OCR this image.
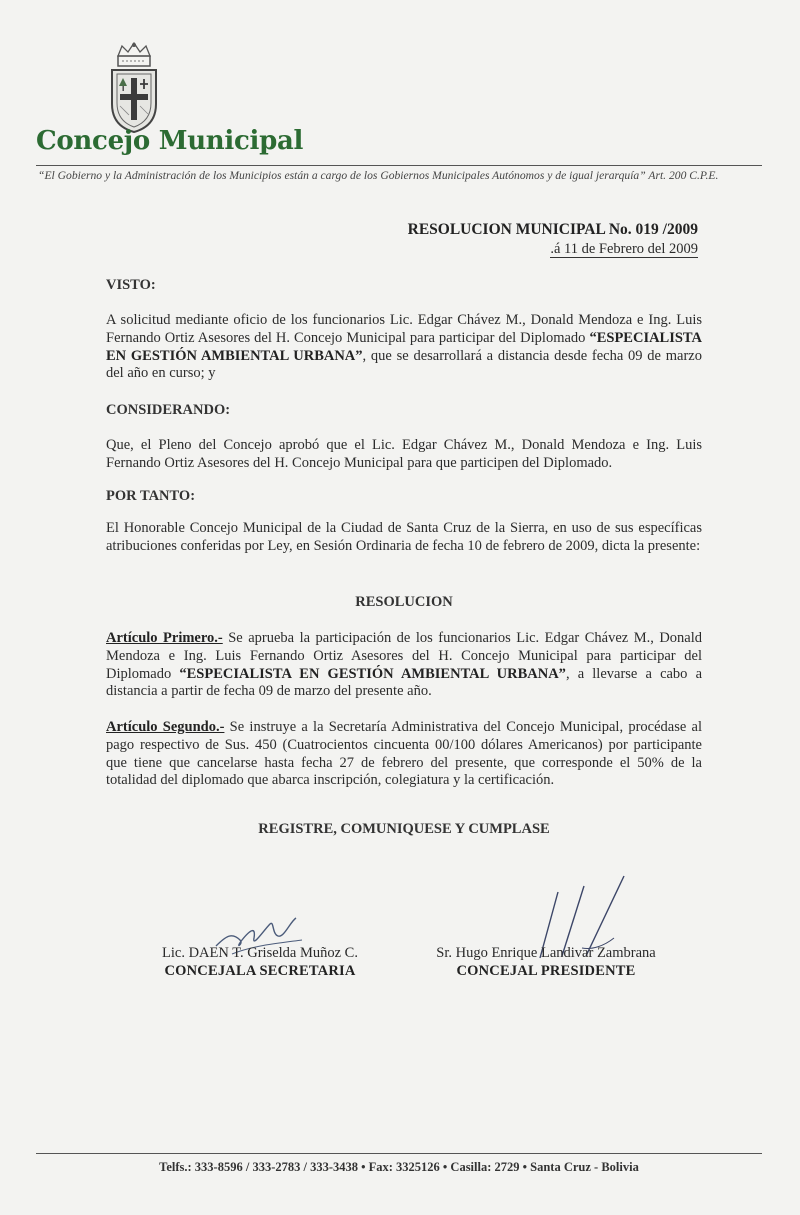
Concejo Municipal
“El Gobierno y la Administración de los Municipios están a cargo de los Gobiernos Municipales Autónomos y de igual jerarquía” Art. 200 C.P.E.
RESOLUCION MUNICIPAL No. 019 /2009
.á 11 de Febrero del 2009
VISTO:
A solicitud mediante oficio de los funcionarios Lic. Edgar Chávez M., Donald Mendoza e Ing. Luis Fernando Ortiz Asesores del H. Concejo Municipal para participar del Diplomado “ESPECIALISTA EN GESTIÓN AMBIENTAL URBANA”, que se desarrollará a distancia desde fecha 09 de marzo del año en curso; y
CONSIDERANDO:
Que, el Pleno del Concejo aprobó que el Lic. Edgar Chávez M., Donald Mendoza e Ing. Luis Fernando Ortiz Asesores del H. Concejo Municipal para que participen del Diplomado.
POR TANTO:
El Honorable Concejo Municipal de la Ciudad de Santa Cruz de la Sierra, en uso de sus específicas atribuciones conferidas por Ley, en Sesión Ordinaria de fecha 10 de febrero de 2009, dicta la presente:
RESOLUCION
Artículo Primero.- Se aprueba la participación de los funcionarios Lic. Edgar Chávez M., Donald Mendoza e Ing. Luis Fernando Ortiz Asesores del H. Concejo Municipal para participar del Diplomado “ESPECIALISTA EN GESTIÓN AMBIENTAL URBANA”, a llevarse a cabo a distancia a partir de fecha 09 de marzo del presente año.
Artículo Segundo.- Se instruye a la Secretaría Administrativa del Concejo Municipal, procédase al pago respectivo de Sus. 450 (Cuatrocientos cincuenta 00/100 dólares Americanos) por participante que tiene que cancelarse hasta fecha 27 de febrero del presente, que corresponde el 50% de la totalidad del diplomado que abarca inscripción, colegiatura y la certificación.
REGISTRE, COMUNIQUESE Y CUMPLASE
Lic. DAEN T. Griselda Muñoz C.
CONCEJALA SECRETARIA
Sr. Hugo Enrique Landivar Zambrana
CONCEJAL PRESIDENTE
Telfs.: 333-8596 / 333-2783 / 333-3438 • Fax: 3325126 • Casilla: 2729 • Santa Cruz - Bolivia
